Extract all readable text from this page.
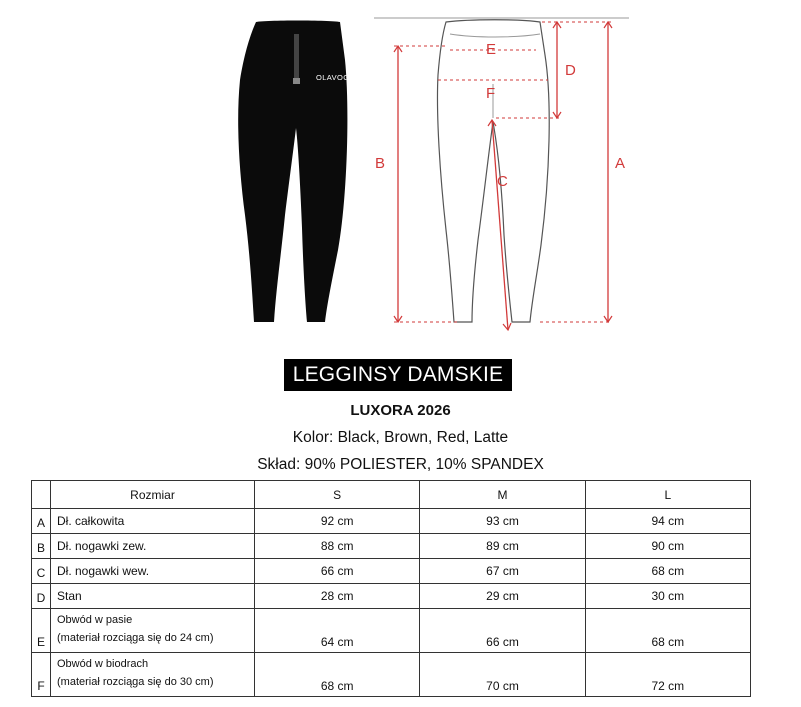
OLAVOGA
A
B
C
D
E
F
LEGGINSY DAMSKIE
LUXORA 2026
Kolor: Black, Brown, Red, Latte
Skład: 90% POLIESTER, 10% SPANDEX
	Rozmiar	S	M	L
A	Dł. całkowita	92 cm	93 cm	94 cm
B	Dł. nogawki zew.	88 cm	89 cm	90 cm
C	Dł. nogawki wew.	66 cm	67 cm	68 cm
D	Stan	28 cm	29 cm	30 cm
E	Obwód w pasie
(materiał rozciąga się do 24 cm)	64 cm	66 cm	68 cm
F	Obwód w biodrach
(materiał rozciąga się do 30 cm)	68 cm	70 cm	72 cm
